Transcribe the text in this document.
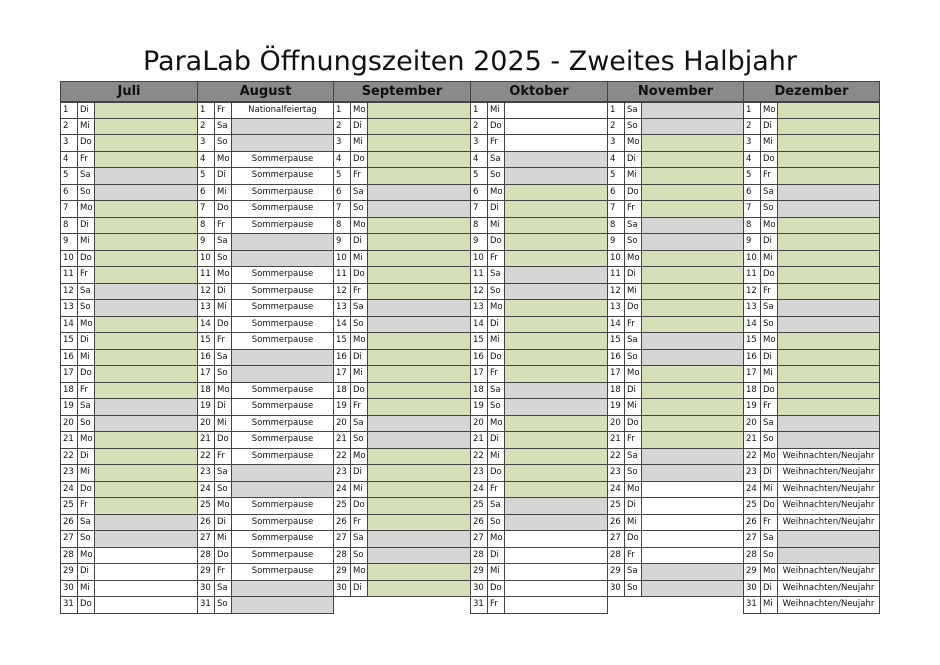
ParaLab Öffnungszeiten 2025 - Zweites Halbjahr
Juli
1	Di
2	Mi
3	Do
4	Fr
5	Sa
6	So
7	Mo
8	Di
9	Mi
10 Do
11 Fr
12 Sa
13 So
14 Mo
15 Di
16 Mi
17 Do
18 Fr
19 Sa
20 So
21 Mo
22 Di
23 Mi
24 Do
25 Fr
26 Sa
27 So
28 Mo
29 Di
30 Mi
31 Do
August
1	Fr	Nationalfeiertag
2	Sa
3	So
4	Mo	Sommerpause
5	Di	Sommerpause
6	Mi	Sommerpause
7	Do	Sommerpause
8	Fr	Sommerpause
9	Sa
10 So
11 Mo	Sommerpause
12 Di	Sommerpause
13 Mi	Sommerpause
14 Do	Sommerpause
15 Fr	Sommerpause
16 Sa
17 So
18 Mo	Sommerpause
19 Di	Sommerpause
20 Mi	Sommerpause
21 Do	Sommerpause
22 Fr	Sommerpause
23 Sa
24 So
25 Mo	Sommerpause
26 Di	Sommerpause
27 Mi	Sommerpause
28 Do	Sommerpause
29 Fr	Sommerpause
30 Sa
31 So
September
1	Mo
2	Di
3	Mi
4	Do
5	Fr
6	Sa
7	So
8	Mo
9	Di
10 Mi
11 Do
12 Fr
13 Sa
14 So
15 Mo
16 Di
17 Mi
18 Do
19 Fr
20 Sa
21 So
22 Mo
23 Di
24 Mi
25 Do
26 Fr
27 Sa
28 So
29 Mo
30 Di
Oktober
1	Mi
2	Do
3	Fr
4	Sa
5	So
6	Mo
7	Di
8	Mi
9	Do
10 Fr
11 Sa
12 So
13 Mo
14 Di
15 Mi
16 Do
17 Fr
18 Sa
19 So
20 Mo
21 Di
22 Mi
23 Do
24 Fr
25 Sa
26 So
27 Mo
28 Di
29 Mi
30 Do
31 Fr
November
1	Sa
2	So
3	Mo
4	Di
5	Mi
6	Do
7	Fr
8	Sa
9	So
10 Mo
11 Di
12 Mi
13 Do
14 Fr
15 Sa
16 So
17 Mo
18 Di
19 Mi
20 Do
21 Fr
22 Sa
23 So
24 Mo
25 Di
26 Mi
27 Do
28 Fr
29 Sa
30 So
Dezember
1	Mo
2	Di
3	Mi
4	Do
5	Fr
6	Sa
7	So
8	Mo
9	Di
10 Mi
11 Do
12 Fr
13 Sa
14 So
15 Mo
16 Di
17 Mi
18 Do
19 Fr
20 Sa
21 So
22 Mo Weihnachten/Neujahr
23 Di	Weihnachten/Neujahr
24 Mi	Weihnachten/Neujahr
25 Do Weihnachten/Neujahr
26 Fr	Weihnachten/Neujahr
27 Sa
28 So
29 Mo Weihnachten/Neujahr
30 Di	Weihnachten/Neujahr
31 Mi	Weihnachten/Neujahr
